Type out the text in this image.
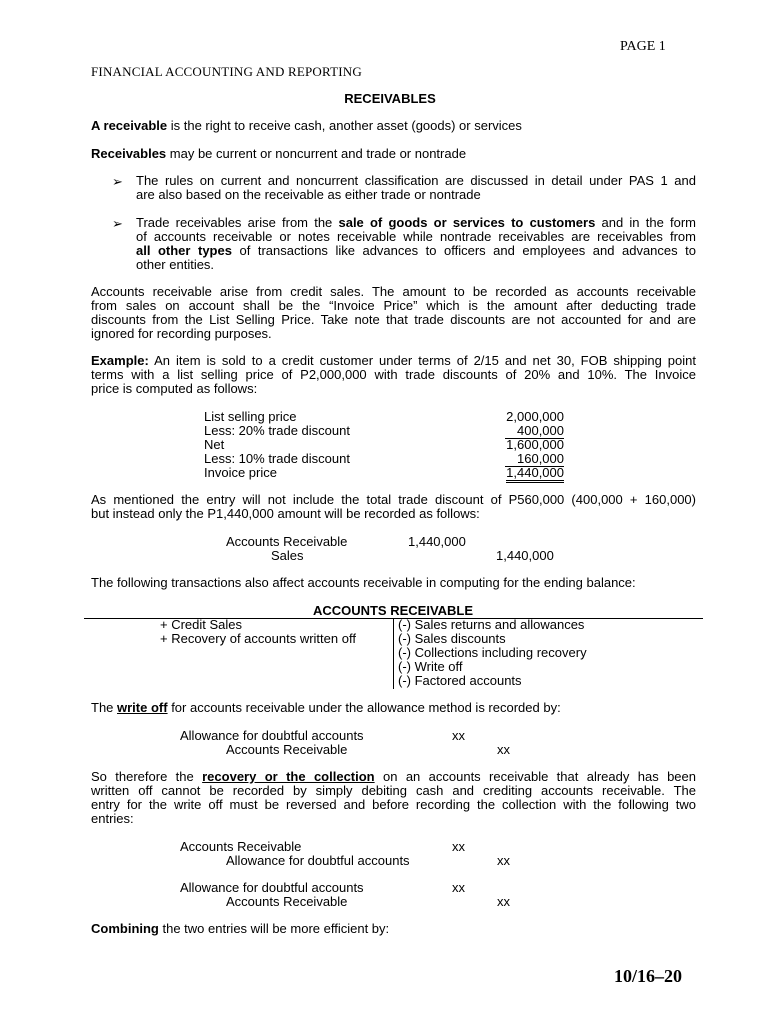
PAGE 1
FINANCIAL ACCOUNTING AND REPORTING
RECEIVABLES
A receivable is the right to receive cash, another asset (goods) or services
Receivables may be current or noncurrent and trade or nontrade
➢ The rules on current and noncurrent classification are discussed in detail under PAS 1 and
are also based on the receivable as either trade or nontrade
➢ Trade receivables arise from the sale of goods or services to customers and in the form
of accounts receivable or notes receivable while nontrade receivables are receivables from
all other types of transactions like advances to officers and employees and advances to
other entities.
Accounts receivable arise from credit sales. The amount to be recorded as accounts receivable
from sales on account shall be the “Invoice Price” which is the amount after deducting trade
discounts from the List Selling Price. Take note that trade discounts are not accounted for and are
ignored for recording purposes.
Example: An item is sold to a credit customer under terms of 2/15 and net 30, FOB shipping point
terms with a list selling price of P2,000,000 with trade discounts of 20% and 10%. The Invoice
price is computed as follows:
List selling price	2,000,000
Less: 20% trade discount	400,000
Net	1,600,000
Less: 10% trade discount	160,000
Invoice price	1,440,000
As mentioned the entry will not include the total trade discount of P560,000 (400,000 + 160,000)
but instead only the P1,440,000 amount will be recorded as follows:
Accounts Receivable	1,440,000
Sales	1,440,000
The following transactions also affect accounts receivable in computing for the ending balance:
ACCOUNTS RECEIVABLE
+ Credit Sales
+ Recovery of accounts written off
(-) Sales returns and allowances
(-) Sales discounts
(-) Collections including recovery
(-) Write off
(-) Factored accounts
The write off for accounts receivable under the allowance method is recorded by:
Allowance for doubtful accounts	xx
Accounts Receivable	xx
So therefore the recovery or the collection on an accounts receivable that already has been
written off cannot be recorded by simply debiting cash and crediting accounts receivable. The
entry for the write off must be reversed and before recording the collection with the following two
entries:
Accounts Receivable	xx
Allowance for doubtful accounts	xx
Allowance for doubtful accounts	xx
Accounts Receivable	xx
Combining the two entries will be more efficient by:
10/16–20
